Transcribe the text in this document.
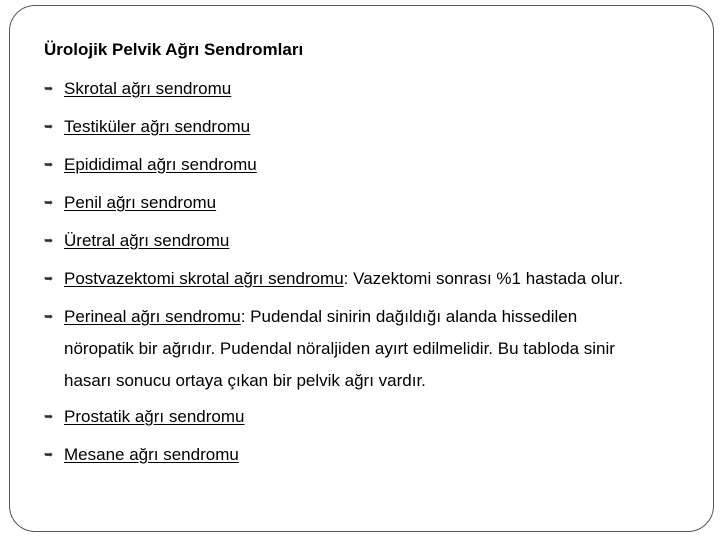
Ürolojik Pelvik Ağrı Sendromları
➥ Skrotal ağrı sendromu
➥ Testiküler ağrı sendromu
➥ Epididimal ağrı sendromu
➥ Penil ağrı sendromu
➥ Üretral ağrı sendromu
➥ Postvazektomi skrotal ağrı sendromu: Vazektomi sonrası %1 hastada olur.
➥ Perineal ağrı sendromu: Pudendal sinirin dağıldığı alanda hissedilen
nöropatik bir ağrıdır. Pudendal nöraljiden ayırt edilmelidir. Bu tabloda sinir
hasarı sonucu ortaya çıkan bir pelvik ağrı vardır.
➥ Prostatik ağrı sendromu
➥ Mesane ağrı sendromu
